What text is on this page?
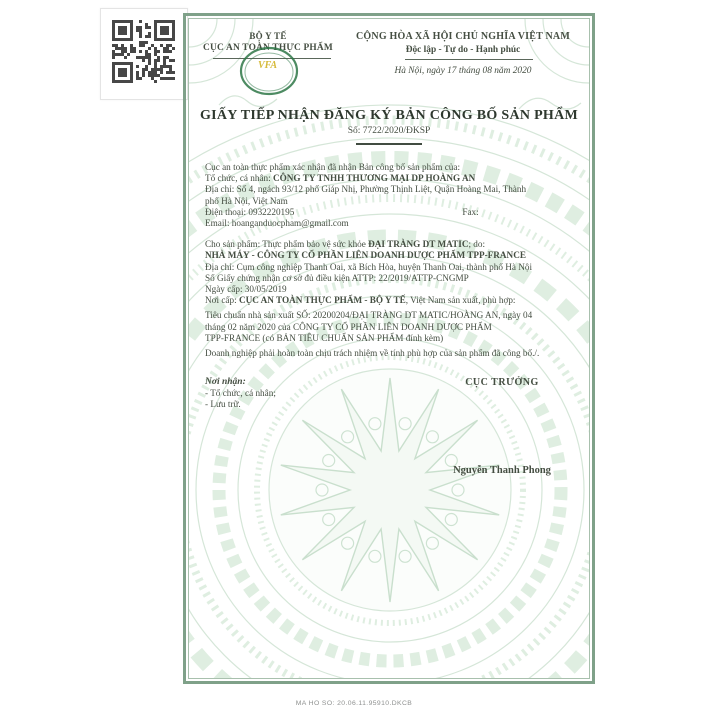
BỘ Y TẾ
CỤC AN TOÀN THỰC PHẨM
VFA
CỘNG HÒA XÃ HỘI CHỦ NGHĨA VIỆT NAM
Độc lập - Tự do - Hạnh phúc
Hà Nội, ngày 17 tháng 08 năm 2020
GIẤY TIẾP NHẬN ĐĂNG KÝ BẢN CÔNG BỐ SẢN PHẨM
Số: 7722/2020/ĐKSP
Cục an toàn thực phẩm xác nhận đã nhận Bản công bố sản phẩm của:
Tổ chức, cá nhân: CÔNG TY TNHH THƯƠNG MẠI DP HOÀNG AN
Địa chỉ: Số 4, ngách 93/12 phố Giáp Nhị, Phường Thịnh Liệt, Quận Hoàng Mai, Thành
phố Hà Nội, Việt Nam
Điện thoại: 0932220195	Fax:
Email: hoanganduocpham@gmail.com
Cho sản phẩm: Thực phẩm bảo vệ sức khỏe ĐẠI TRÀNG DT MATIC; do:
NHÀ MÁY - CÔNG TY CỔ PHẦN LIÊN DOANH DƯỢC PHẨM TPP-FRANCE
Địa chỉ: Cụm công nghiệp Thanh Oai, xã Bích Hòa, huyện Thanh Oai, thành phố Hà Nội
Số Giấy chứng nhận cơ sở đủ điều kiện ATTP: 22/2019/ATTP-CNGMP
Ngày cấp: 30/05/2019
Nơi cấp: CỤC AN TOÀN THỰC PHẨM - BỘ Y TẾ, Việt Nam sản xuất, phù hợp:
Tiêu chuẩn nhà sản xuất SỐ: 20200204/ĐẠI TRÀNG DT MATIC/HOÀNG AN, ngày 04
tháng 02 năm 2020 của CÔNG TY CỔ PHẦN LIÊN DOANH DƯỢC PHẨM
TPP-FRANCE (có BẢN TIÊU CHUẨN SẢN PHẨM đính kèm)
Doanh nghiệp phải hoàn toàn chịu trách nhiệm về tính phù hợp của sản phẩm đã công bố./.
Nơi nhận:
- Tổ chức, cá nhân;
- Lưu trữ.
CỤC TRƯỞNG
Nguyễn Thanh Phong
MA HO SO: 20.06.11.95910.DKCB
